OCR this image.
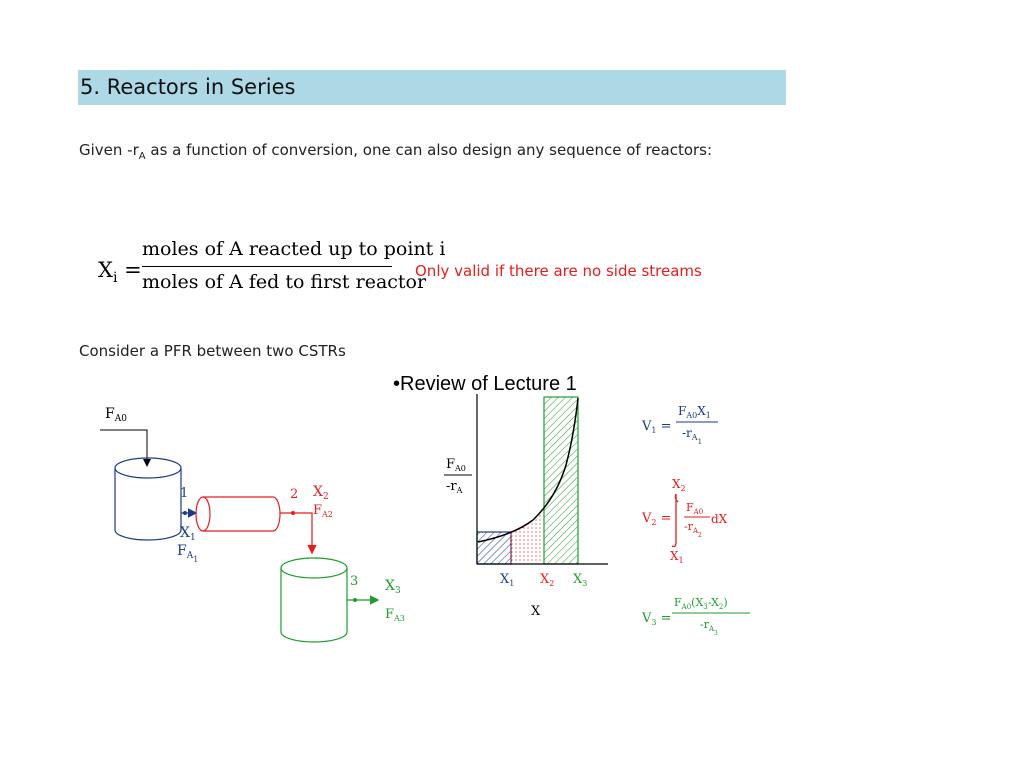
5. Reactors in Series
Given $-r_A$ as a function of conversion, one can also design any sequence of reactors:
$X_i$ =
moles of A reacted up to point i
moles of A fed to first reactor
Only valid if there are no side streams
Consider a PFR between two CSTRs
•Review of Lecture 1
$F_{A0}$
1
$X_1$
$F_{A1}$
2 $X_2$
$F_{A2}$
3 $X_3$
$F_{A3}$
$F_{A0}$
$-r_A$
$X_1$ $X_2$ $X_3$
X
$V_1$ =
$F_{A0}X_1$
$-r_{A1}$
$V_2$ =
$X_2$
$F_{A0}$
$-r_{A2}$
dX
$X_1$
$V_3$ =
$F_{A0}(X_3-X_2)$
$-r_{A3}$
